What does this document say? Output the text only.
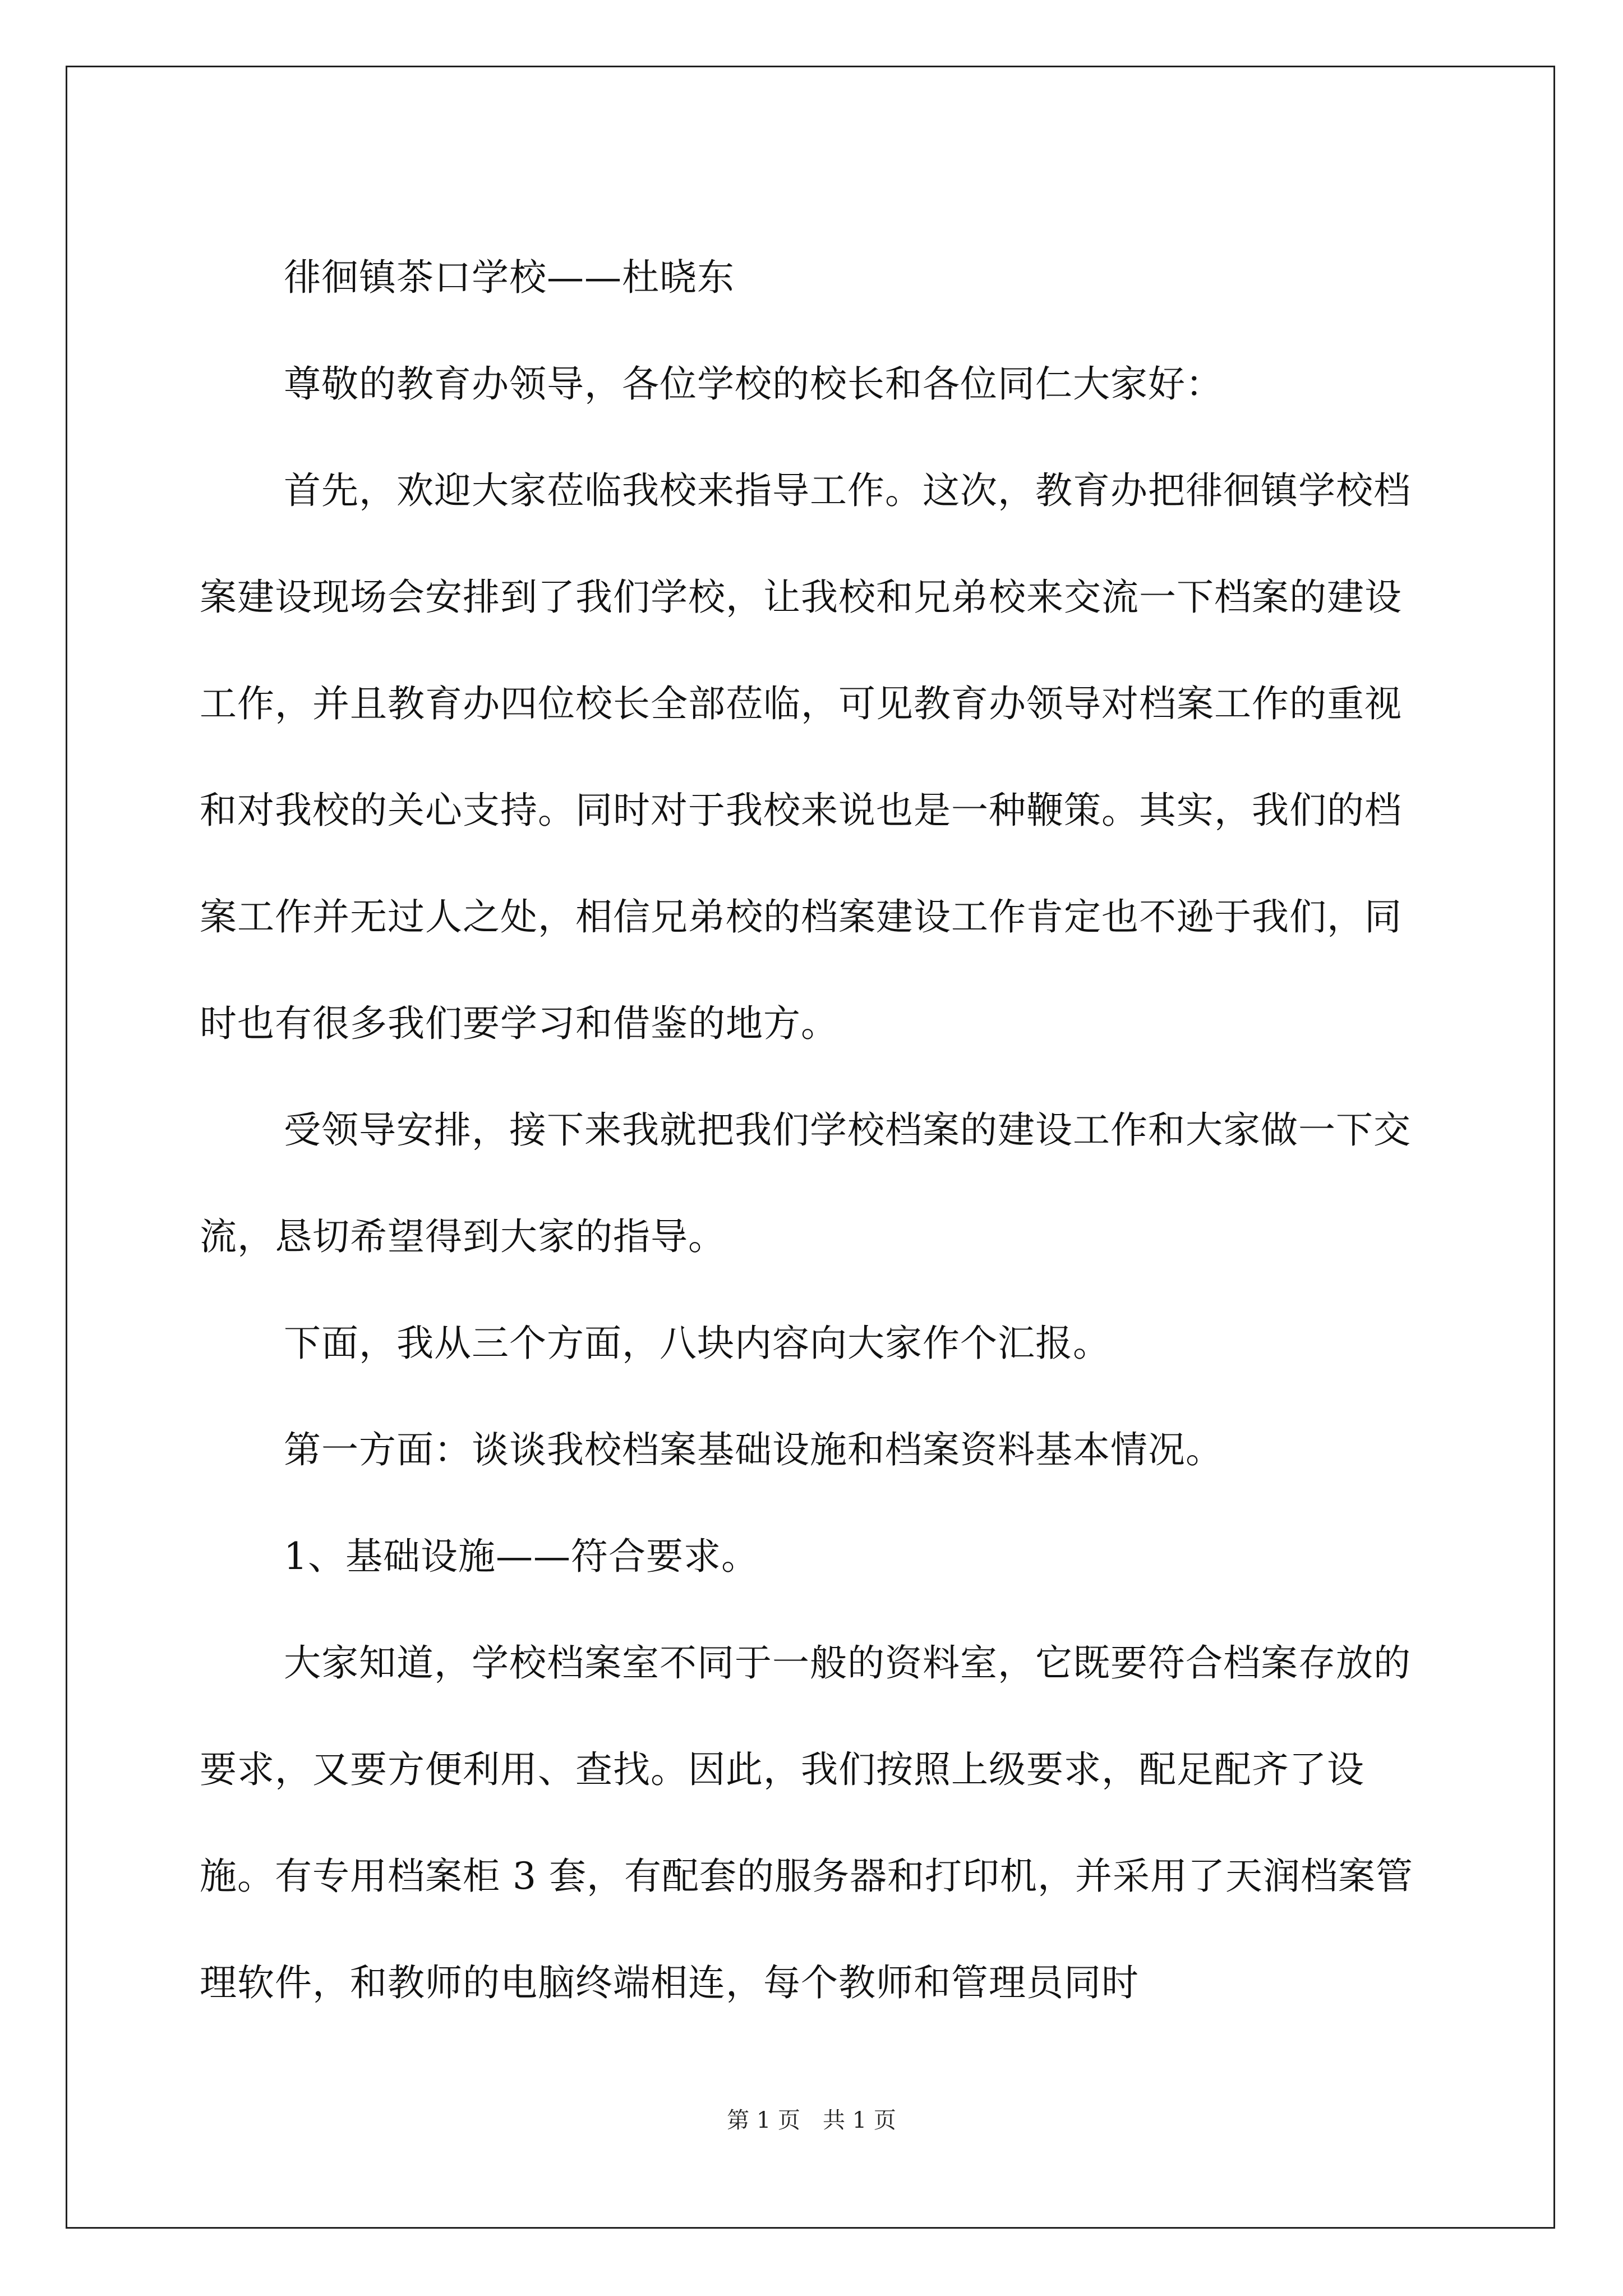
徘徊镇茶口学校——杜晓东

尊敬的教育办领导，各位学校的校长和各位同仁大家好：

首先，欢迎大家莅临我校来指导工作。这次，教育办把徘徊镇学校档案建设现场会安排到了我们学校，让我校和兄弟校来交流一下档案的建设工作，并且教育办四位校长全部莅临，可见教育办领导对档案工作的重视和对我校的关心支持。同时对于我校来说也是一种鞭策。其实，我们的档案工作并无过人之处，相信兄弟校的档案建设工作肯定也不逊于我们，同时也有很多我们要学习和借鉴的地方。

受领导安排，接下来我就把我们学校档案的建设工作和大家做一下交流，恳切希望得到大家的指导。

下面，我从三个方面，八块内容向大家作个汇报。

第一方面：谈谈我校档案基础设施和档案资料基本情况。

1、基础设施——符合要求。

大家知道，学校档案室不同于一般的资料室，它既要符合档案存放的要求，又要方便利用、查找。因此，我们按照上级要求，配足配齐了设施。有专用档案柜 3 套，有配套的服务器和打印机，并采用了天润档案管理软件，和教师的电脑终端相连，每个教师和管理员同时

第 1 页　共 1 页
